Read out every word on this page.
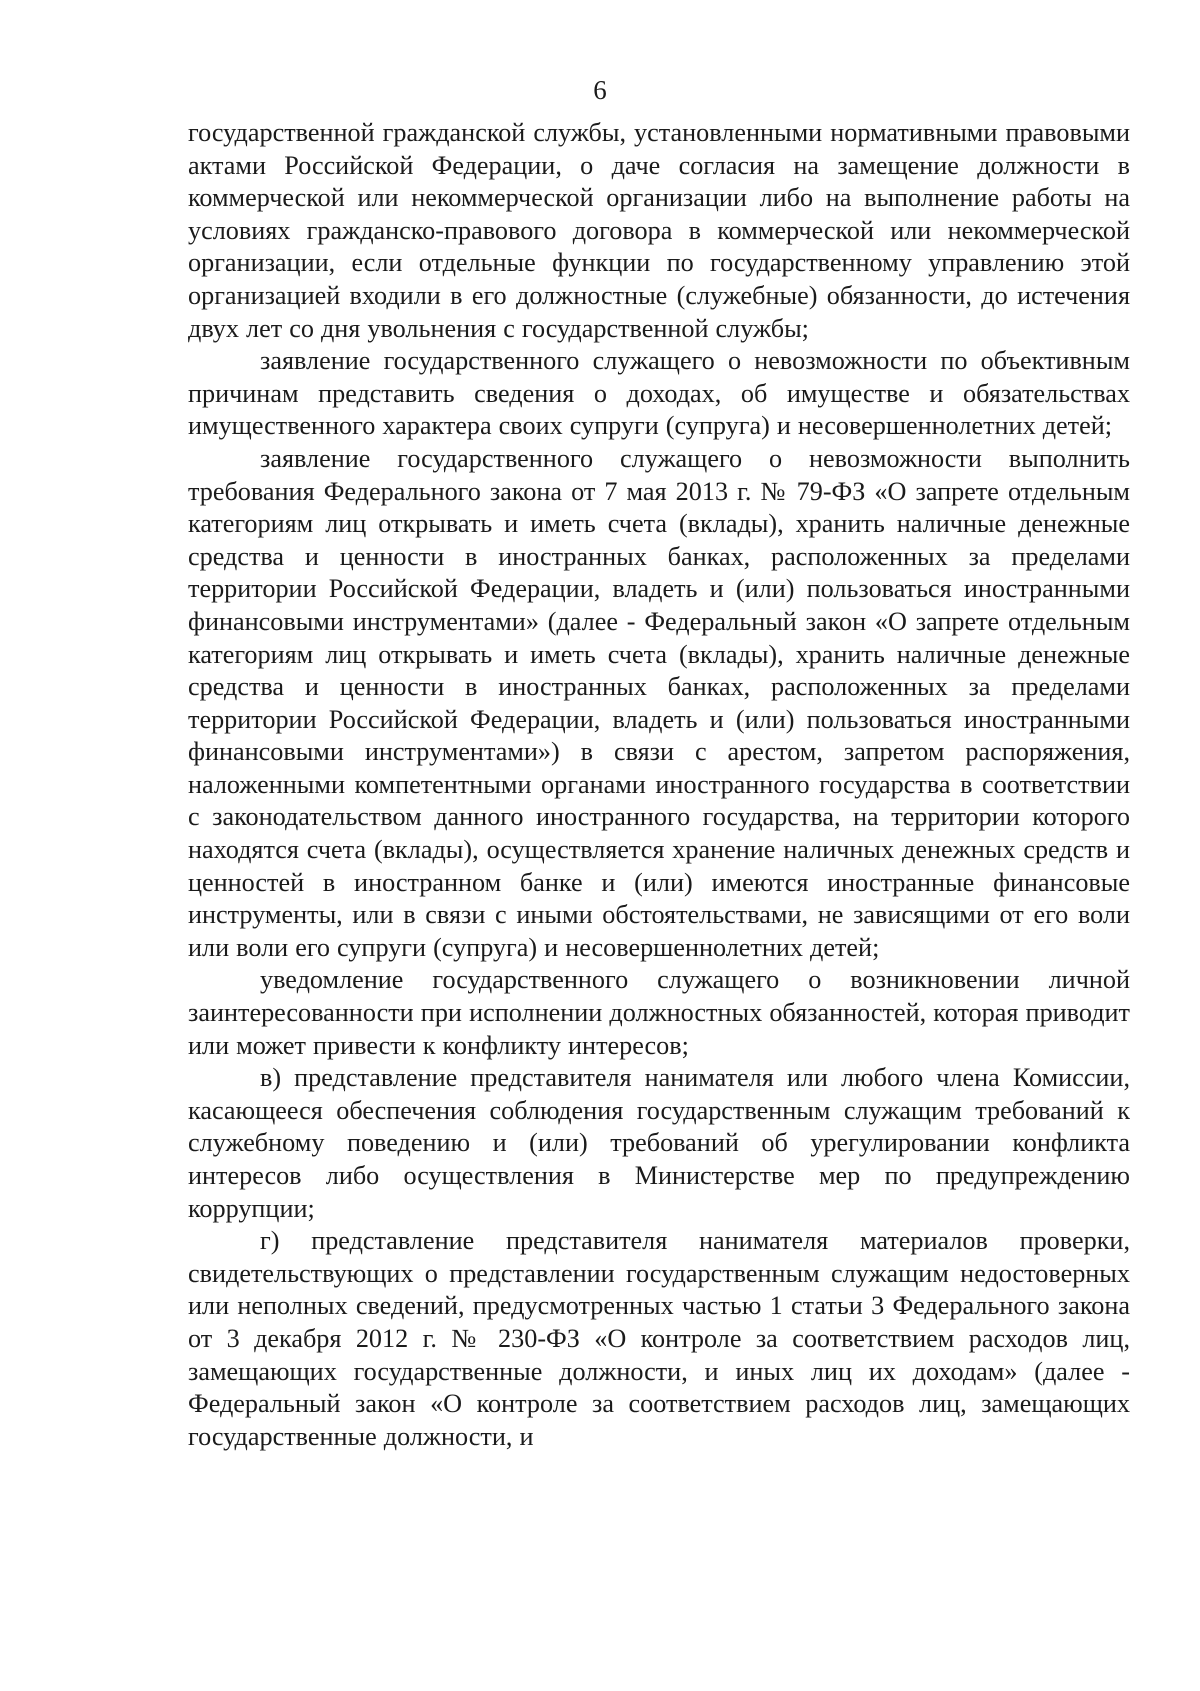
6

государственной гражданской службы, установленными нормативными правовыми актами Российской Федерации, о даче согласия на замещение должности в коммерческой или некоммерческой организации либо на выполнение работы на условиях гражданско-правового договора в коммерческой или некоммерческой организации, если отдельные функции по государственному управлению этой организацией входили в его должностные (служебные) обязанности, до истечения двух лет со дня увольнения с государственной службы;

заявление государственного служащего о невозможности по объективным причинам представить сведения о доходах, об имуществе и обязательствах имущественного характера своих супруги (супруга) и несовершеннолетних детей;

заявление государственного служащего о невозможности выполнить требования Федерального закона от 7 мая 2013 г. № 79-ФЗ «О запрете отдельным категориям лиц открывать и иметь счета (вклады), хранить наличные денежные средства и ценности в иностранных банках, расположенных за пределами территории Российской Федерации, владеть и (или) пользоваться иностранными финансовыми инструментами» (далее - Федеральный закон «О запрете отдельным категориям лиц открывать и иметь счета (вклады), хранить наличные денежные средства и ценности в иностранных банках, расположенных за пределами территории Российской Федерации, владеть и (или) пользоваться иностранными финансовыми инструментами») в связи с арестом, запретом распоряжения, наложенными компетентными органами иностранного государства в соответствии с законодательством данного иностранного государства, на территории которого находятся счета (вклады), осуществляется хранение наличных денежных средств и ценностей в иностранном банке и (или) имеются иностранные финансовые инструменты, или в связи с иными обстоятельствами, не зависящими от его воли или воли его супруги (супруга) и несовершеннолетних детей;

уведомление государственного служащего о возникновении личной заинтересованности при исполнении должностных обязанностей, которая приводит или может привести к конфликту интересов;

в) представление представителя нанимателя или любого члена Комиссии, касающееся обеспечения соблюдения государственным служащим требований к служебному поведению и (или) требований об урегулировании конфликта интересов либо осуществления в Министерстве мер по предупреждению коррупции;

г) представление представителя нанимателя материалов проверки, свидетельствующих о представлении государственным служащим недостоверных или неполных сведений, предусмотренных частью 1 статьи 3 Федерального закона от 3 декабря 2012 г. № 230-ФЗ «О контроле за соответствием расходов лиц, замещающих государственные должности, и иных лиц их доходам» (далее - Федеральный закон «О контроле за соответствием расходов лиц, замещающих государственные должности, и
